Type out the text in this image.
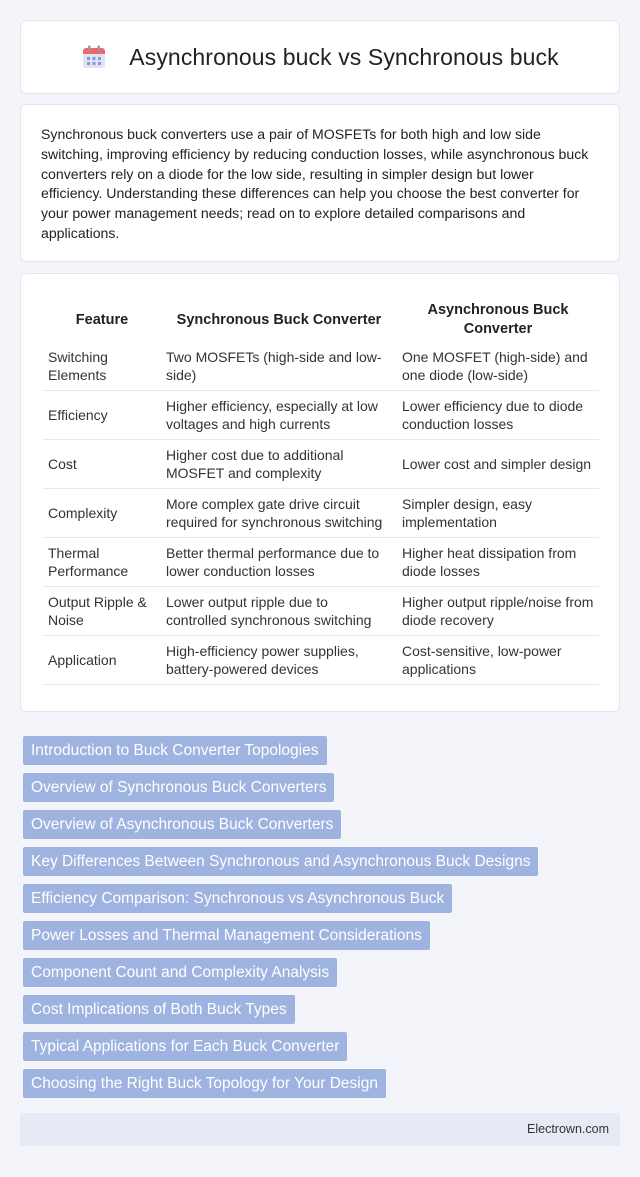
Asynchronous buck vs Synchronous buck

Synchronous buck converters use a pair of MOSFETs for both high and low side switching, improving efficiency by reducing conduction losses, while asynchronous buck converters rely on a diode for the low side, resulting in simpler design but lower efficiency. Understanding these differences can help you choose the best converter for your power management needs; read on to explore detailed comparisons and applications.

Feature	Synchronous Buck Converter	Asynchronous Buck Converter
Switching Elements	Two MOSFETs (high-side and low-side)	One MOSFET (high-side) and one diode (low-side)
Efficiency	Higher efficiency, especially at low voltages and high currents	Lower efficiency due to diode conduction losses
Cost	Higher cost due to additional MOSFET and complexity	Lower cost and simpler design
Complexity	More complex gate drive circuit required for synchronous switching	Simpler design, easy implementation
Thermal Performance	Better thermal performance due to lower conduction losses	Higher heat dissipation from diode losses
Output Ripple & Noise	Lower output ripple due to controlled synchronous switching	Higher output ripple/noise from diode recovery
Application	High-efficiency power supplies, battery-powered devices	Cost-sensitive, low-power applications
Introduction to Buck Converter Topologies
Overview of Synchronous Buck Converters
Overview of Asynchronous Buck Converters
Key Differences Between Synchronous and Asynchronous Buck Designs
Efficiency Comparison: Synchronous vs Asynchronous Buck
Power Losses and Thermal Management Considerations
Component Count and Complexity Analysis
Cost Implications of Both Buck Types
Typical Applications for Each Buck Converter
Choosing the Right Buck Topology for Your Design
Electrown.com
